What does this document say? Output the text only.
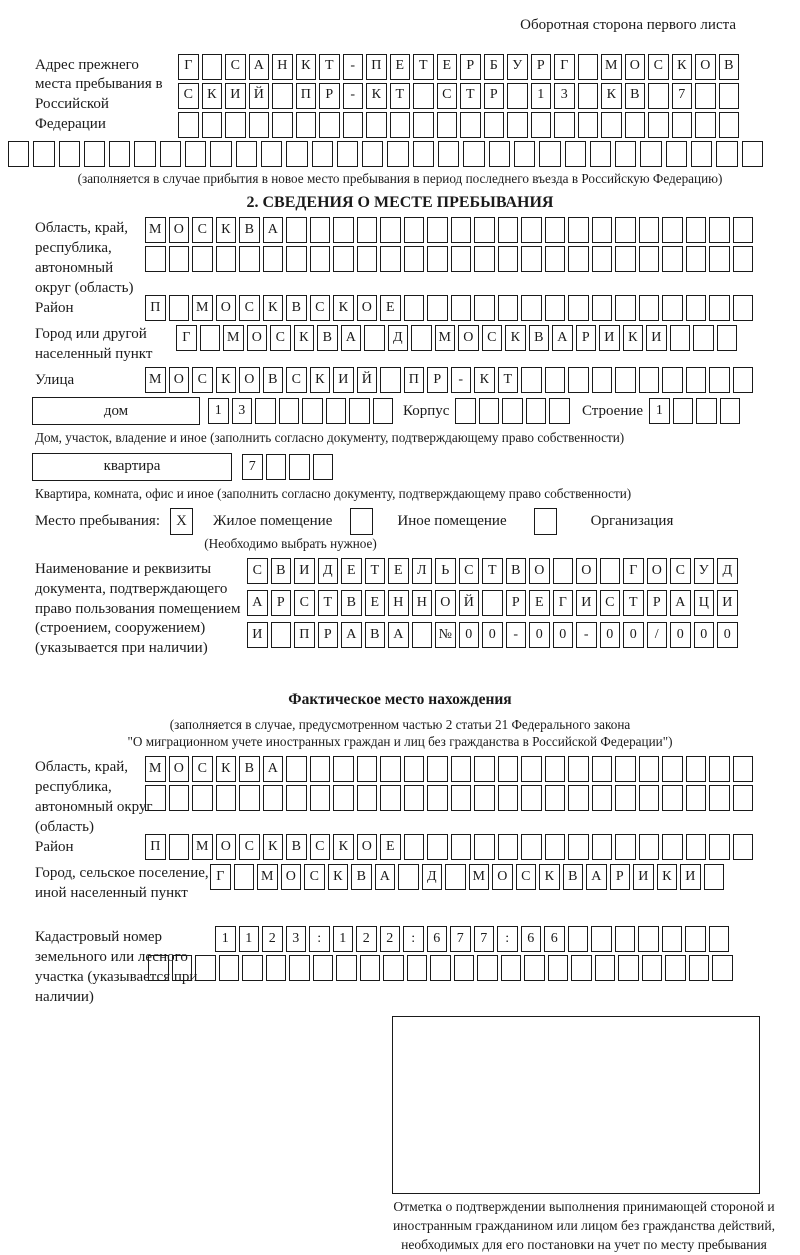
Оборотная сторона первого листа
Адрес прежнего места пребывания в Российской Федерации
Г	С А Н К	Т	-	П	Е	Т	Е	Р	Б	У	Р	Г	М О С	К О В
С	К И Й	П	Р	-	К	Т	С	Т	Р	1	3	К	В	7
(заполняется в случае прибытия в новое место пребывания в период последнего въезда в Российскую Федерацию)
2. СВЕДЕНИЯ О МЕСТЕ ПРЕБЫВАНИЯ
Область, край, республика, автономный округ (область)
М О С	К	В А
Район	П	М О С	К	В	С	К О	Е
Город или другой населенный пункт
Г	М О С	К	В А	Д	М О С	К	В А	Р	И К И
Улица	М О С	К О В	С	К И Й	П	Р	-	К	Т
дом	1	3	Корпус	Строение 1
Дом, участок, владение и иное (заполнить согласно документу, подтверждающему право собственности)
квартира	7
Квартира, комната, офис и иное (заполнить согласно документу, подтверждающему право собственности)
Место пребывания:	X	Жилое помещение	Иное помещение	Организация
(Необходимо выбрать нужное)
Наименование и реквизиты документа, подтверждающего право пользования помещением (строением, сооружением) (указывается при наличии)
С	В И Д	Е	Т	Е	Л	Ь	С	Т	В О	О	Г	О С У Д
А	Р	С	Т	В	Е	Н Н О Й	Р	Е	Г	И С	Т	Р	А Ц И
И	П	Р	А В А	№ 0	0	-	0	0	-	0	0	/	0	0	0
Фактическое место нахождения
(заполняется в случае, предусмотренном частью 2 статьи 21 Федерального закона
"О миграционном учете иностранных граждан и лиц без гражданства в Российской Федерации")
Область, край, республика, автономный округ (область)
М О С	К	В А
Район	П	М О С	К	В	С	К О	Е
Город, сельское поселение, иной населенный пункт
Г	М О С	К	В А	Д	М О С	К	В А	Р	И К И
Кадастровый номер земельного или лесного участка (указывается при наличии)
1	1	2	3	:	1	2	2	:	6	7	7	:	6	6
Отметка о подтверждении выполнения принимающей стороной и иностранным гражданином или лицом без гражданства действий, необходимых для его постановки на учет по месту пребывания
